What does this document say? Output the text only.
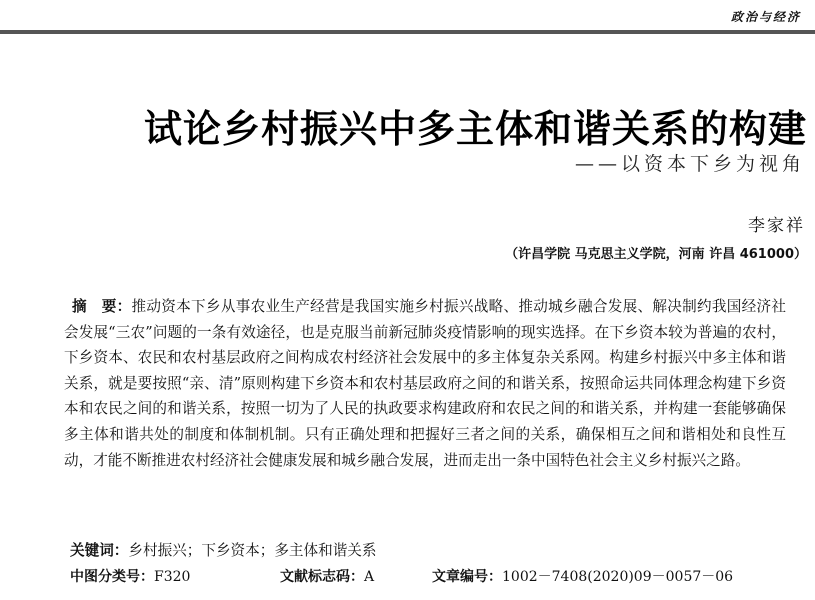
政治与经济
试论乡村振兴中多主体和谐关系的构建
——以资本下乡为视角
李家祥
（许昌学院 马克思主义学院，河南 许昌 461000）

摘　要：推动资本下乡从事农业生产经营是我国实施乡村振兴战略、推动城乡融合发展、解决制约我国经济社会发展“三农”问题的一条有效途径，也是克服当前新冠肺炎疫情影响的现实选择。在下乡资本较为普遍的农村，下乡资本、农民和农村基层政府之间构成农村经济社会发展中的多主体复杂关系网。构建乡村振兴中多主体和谐关系，就是要按照“亲、清”原则构建下乡资本和农村基层政府之间的和谐关系，按照命运共同体理念构建下乡资本和农民之间的和谐关系，按照一切为了人民的执政要求构建政府和农民之间的和谐关系，并构建一套能够确保多主体和谐共处的制度和体制机制。只有正确处理和把握好三者之间的关系，确保相互之间和谐相处和良性互动，才能不断推进农村经济社会健康发展和城乡融合发展，进而走出一条中国特色社会主义乡村振兴之路。

关键词：乡村振兴；下乡资本；多主体和谐关系
中图分类号：F320	文献标志码：A	文章编号：1002－7408(2020)09－0057－06
